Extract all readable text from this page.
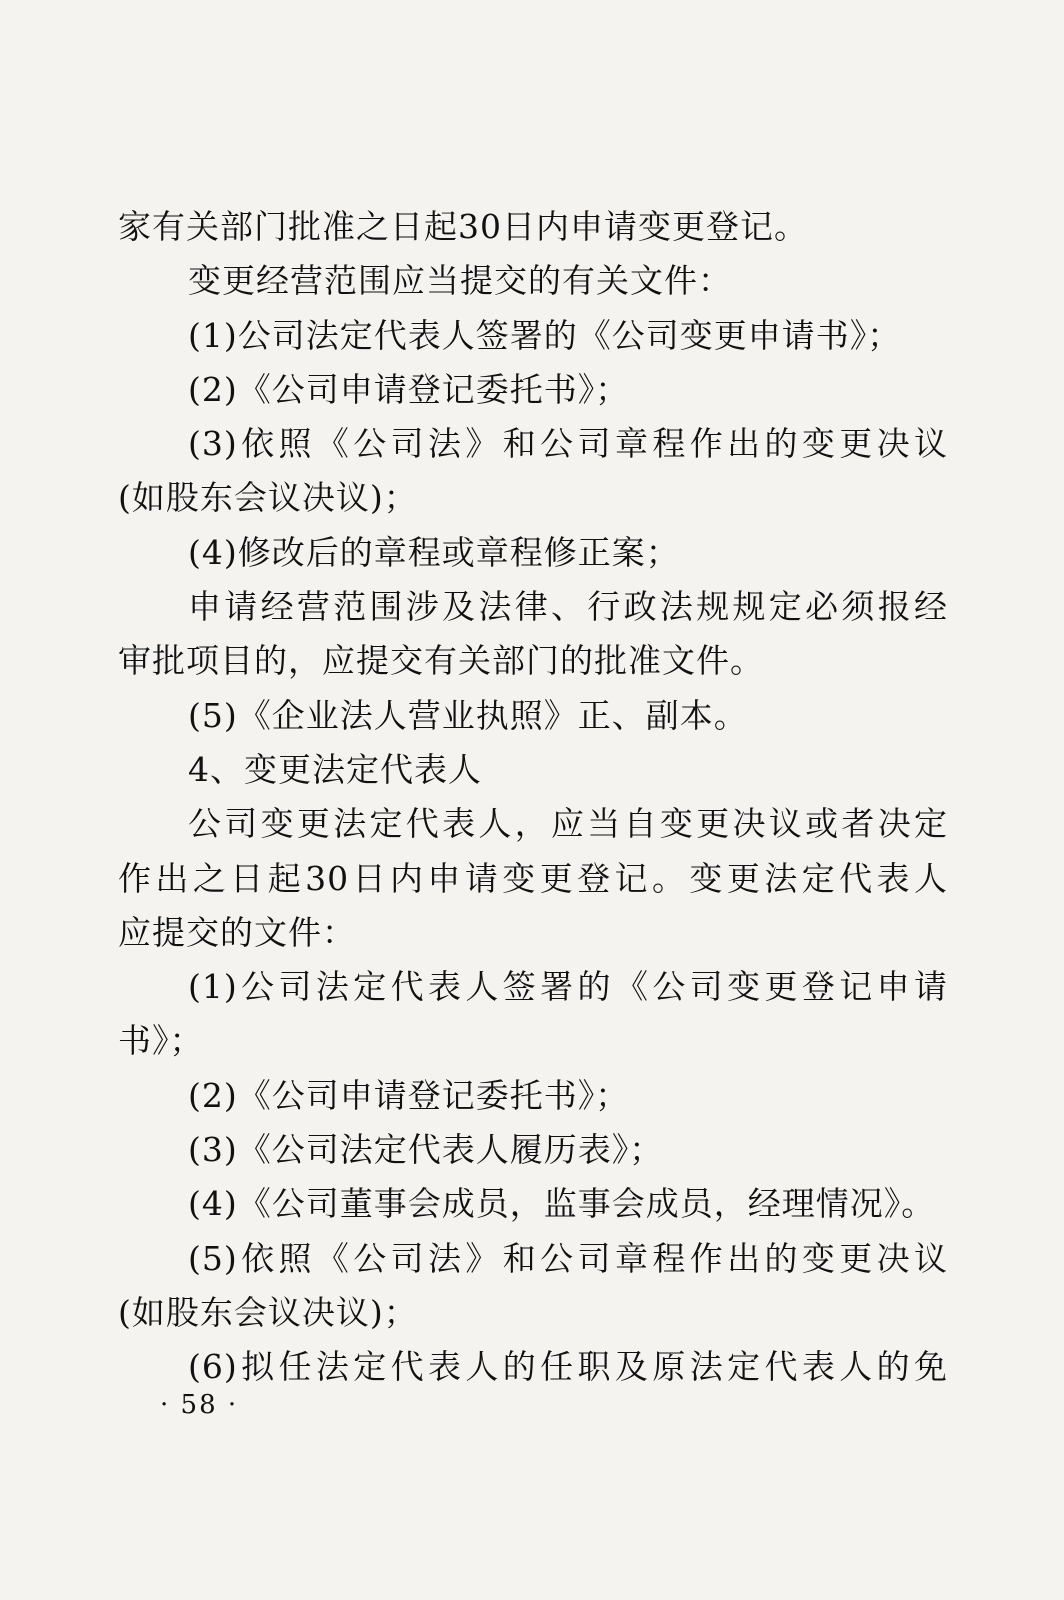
家有关部门批准之日起30日内申请变更登记。
变更经营范围应当提交的有关文件：
(1)公司法定代表人签署的《公司变更申请书》；
(2)《公司申请登记委托书》；
(3)依照《公司法》和公司章程作出的变更决议
(如股东会议决议)；
(4)修改后的章程或章程修正案；
申请经营范围涉及法律、行政法规规定必须报经
审批项目的，应提交有关部门的批准文件。
(5)《企业法人营业执照》正、副本。
4、变更法定代表人
公司变更法定代表人，应当自变更决议或者决定
作出之日起30日内申请变更登记。变更法定代表人
应提交的文件：
(1)公司法定代表人签署的《公司变更登记申请
书》；
(2)《公司申请登记委托书》；
(3)《公司法定代表人履历表》；
(4)《公司董事会成员，监事会成员，经理情况》。
(5)依照《公司法》和公司章程作出的变更决议
(如股东会议决议)；
(6)拟任法定代表人的任职及原法定代表人的免
· 58 ·
